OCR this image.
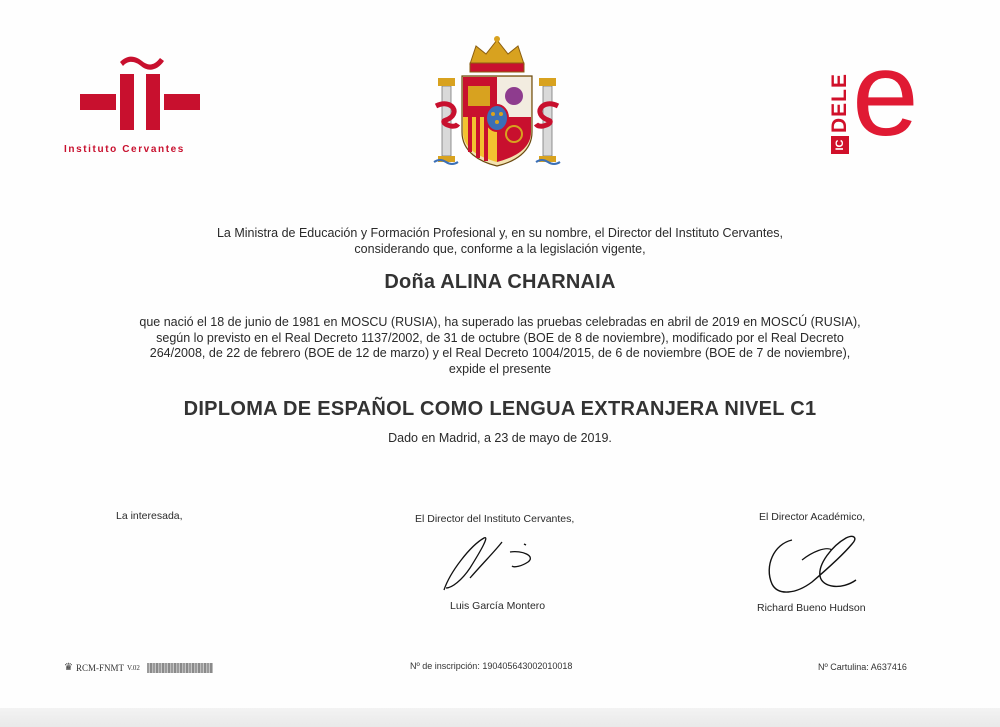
Instituto Cervantes	IC
DELE e
La Ministra de Educación y Formación Profesional y, en su nombre, el Director del Instituto Cervantes, considerando que, conforme a la legislación vigente,
Doña ALINA CHARNAIA
que nació el 18 de junio de 1981 en MOSCU (RUSIA), ha superado las pruebas celebradas en abril de 2019 en MOSCÚ (RUSIA), según lo previsto en el Real Decreto 1137/2002, de 31 de octubre (BOE de 8 de noviembre), modificado por el Real Decreto 264/2008, de 22 de febrero (BOE de 12 de marzo) y el Real Decreto 1004/2015, de 6 de noviembre (BOE de 7 de noviembre), expide el presente
DIPLOMA DE ESPAÑOL COMO LENGUA EXTRANJERA NIVEL C1
Dado en Madrid, a 23 de mayo de 2019.
La interesada,	El Director del Instituto Cervantes,
Luis García Montero
El Director Académico,
Richard Bueno Hudson
♛ RCM-FNMT V.02	Nº de inscripción: 190405643002010018	Nº Cartulina: A637416
